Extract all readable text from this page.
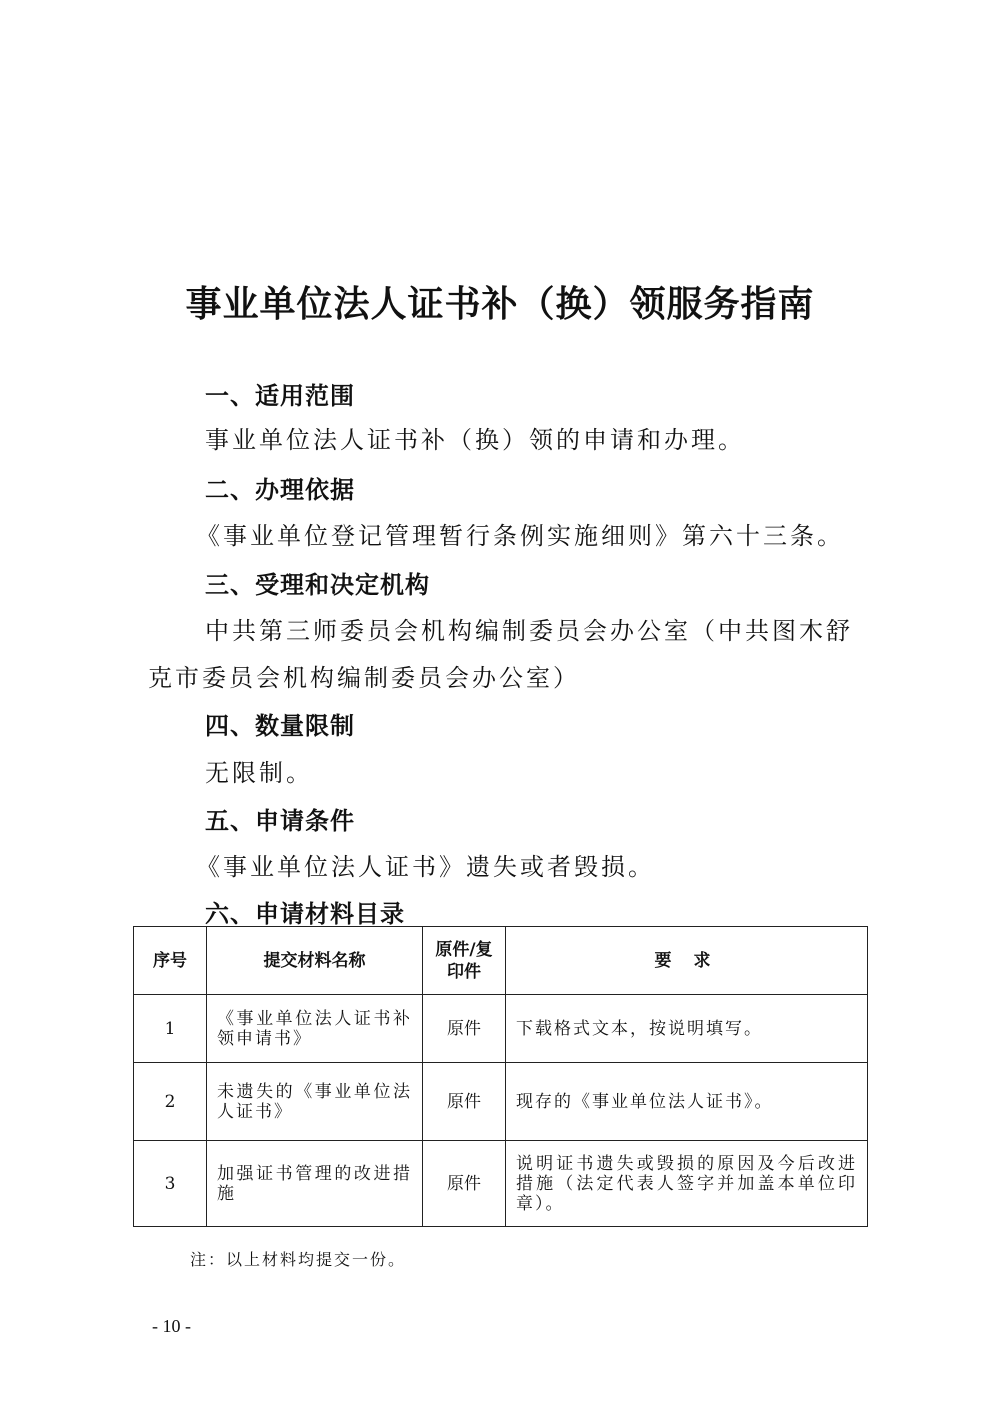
事业单位法人证书补（换）领服务指南
一、适用范围
事业单位法人证书补（换）领的申请和办理。
二、办理依据
《事业单位登记管理暂行条例实施细则》第六十三条。
三、受理和决定机构
中共第三师委员会机构编制委员会办公室（中共图木舒
克市委员会机构编制委员会办公室）
四、数量限制
无限制。
五、申请条件
《事业单位法人证书》遗失或者毁损。
六、申请材料目录
序号	提交材料名称	原件/复印件	要 求
1	《事业单位法人证书补领申请书》	原件	下载格式文本，按说明填写。
2	未遗失的《事业单位法人证书》	原件	现存的《事业单位法人证书》。
3	加强证书管理的改进措施	原件	说明证书遗失或毁损的原因及今后改进措施（法定代表人签字并加盖本单位印章）。
注：以上材料均提交一份。
- 10 -
